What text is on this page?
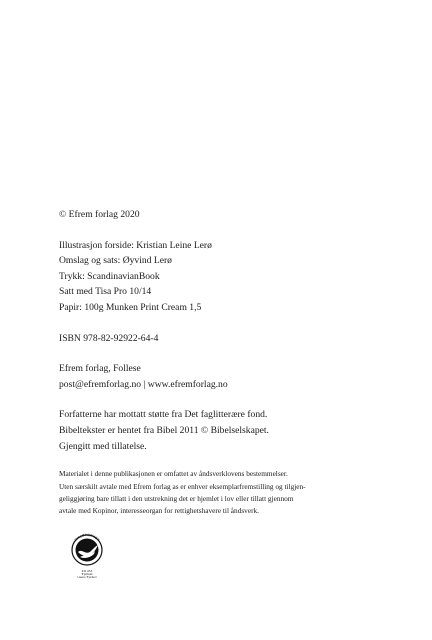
© Efrem forlag 2020

Illustrasjon forside: Kristian Leine Lerø

Omslag og sats: Øyvind Lerø

Trykk: ScandinavianBook

Satt med Tisa Pro 10/14

Papir: 100g Munken Print Cream 1,5

ISBN 978-82-92922-64-4

Efrem forlag, Follese

post@efremforlag.no | www.efremforlag.no

Forfatterne har mottatt støtte fra Det faglitterære fond.

Bibeltekster er hentet fra Bibel 2011 © Bibelselskapet.

Gjengitt med tillatelse.

Materialet i denne publikasjonen er omfattet av åndsverklovens bestemmelser.

Uten særskilt avtale med Efrem forlag as er enhver eksemplarfremstilling og tilgjen-

geliggjøring bare tillatt i den utstrekning det er hjemlet i lov eller tillatt gjennom

avtale med Kopinor, interesseorgan for rettighetshavere til åndsverk.

MILJØMERKET
241 053
Trykksak
Lisens Trykkeri
